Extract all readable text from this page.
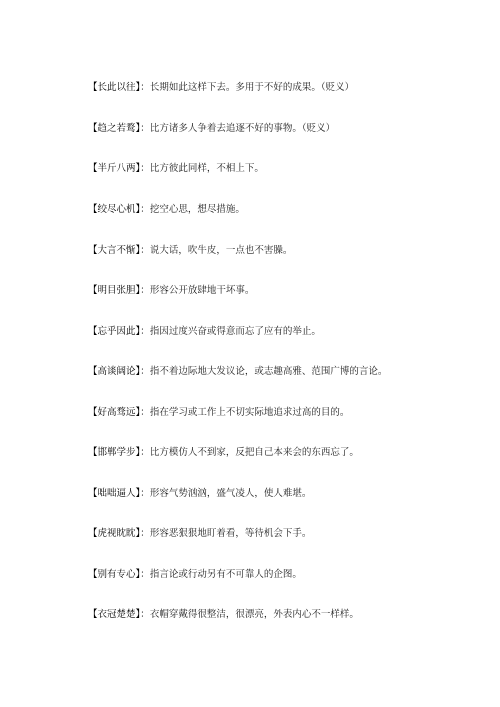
【长此以往】：长期如此这样下去。多用于不好的成果。（贬义）
【趋之若鹜】：比方诸多人争着去追逐不好的事物。（贬义）
【半斤八两】：比方彼此同样，不相上下。
【绞尽心机】：挖空心思，想尽措施。
【大言不惭】：说大话，吹牛皮，一点也不害臊。
【明目张胆】：形容公开放肆地干坏事。
【忘乎因此】：指因过度兴奋或得意而忘了应有的举止。
【高谈阔论】：指不着边际地大发议论，或志趣高雅、范围广博的言论。
【好高骛远】：指在学习或工作上不切实际地追求过高的目的。
【邯郸学步】：比方模仿人不到家，反把自己本来会的东西忘了。
【咄咄逼人】：形容气势汹汹，盛气凌人，使人难堪。
【虎视眈眈】：形容恶狠狠地盯着看，等待机会下手。
【别有专心】：指言论或行动另有不可靠人的企图。
【衣冠楚楚】：衣帽穿戴得很整洁，很漂亮，外表内心不一样样。
